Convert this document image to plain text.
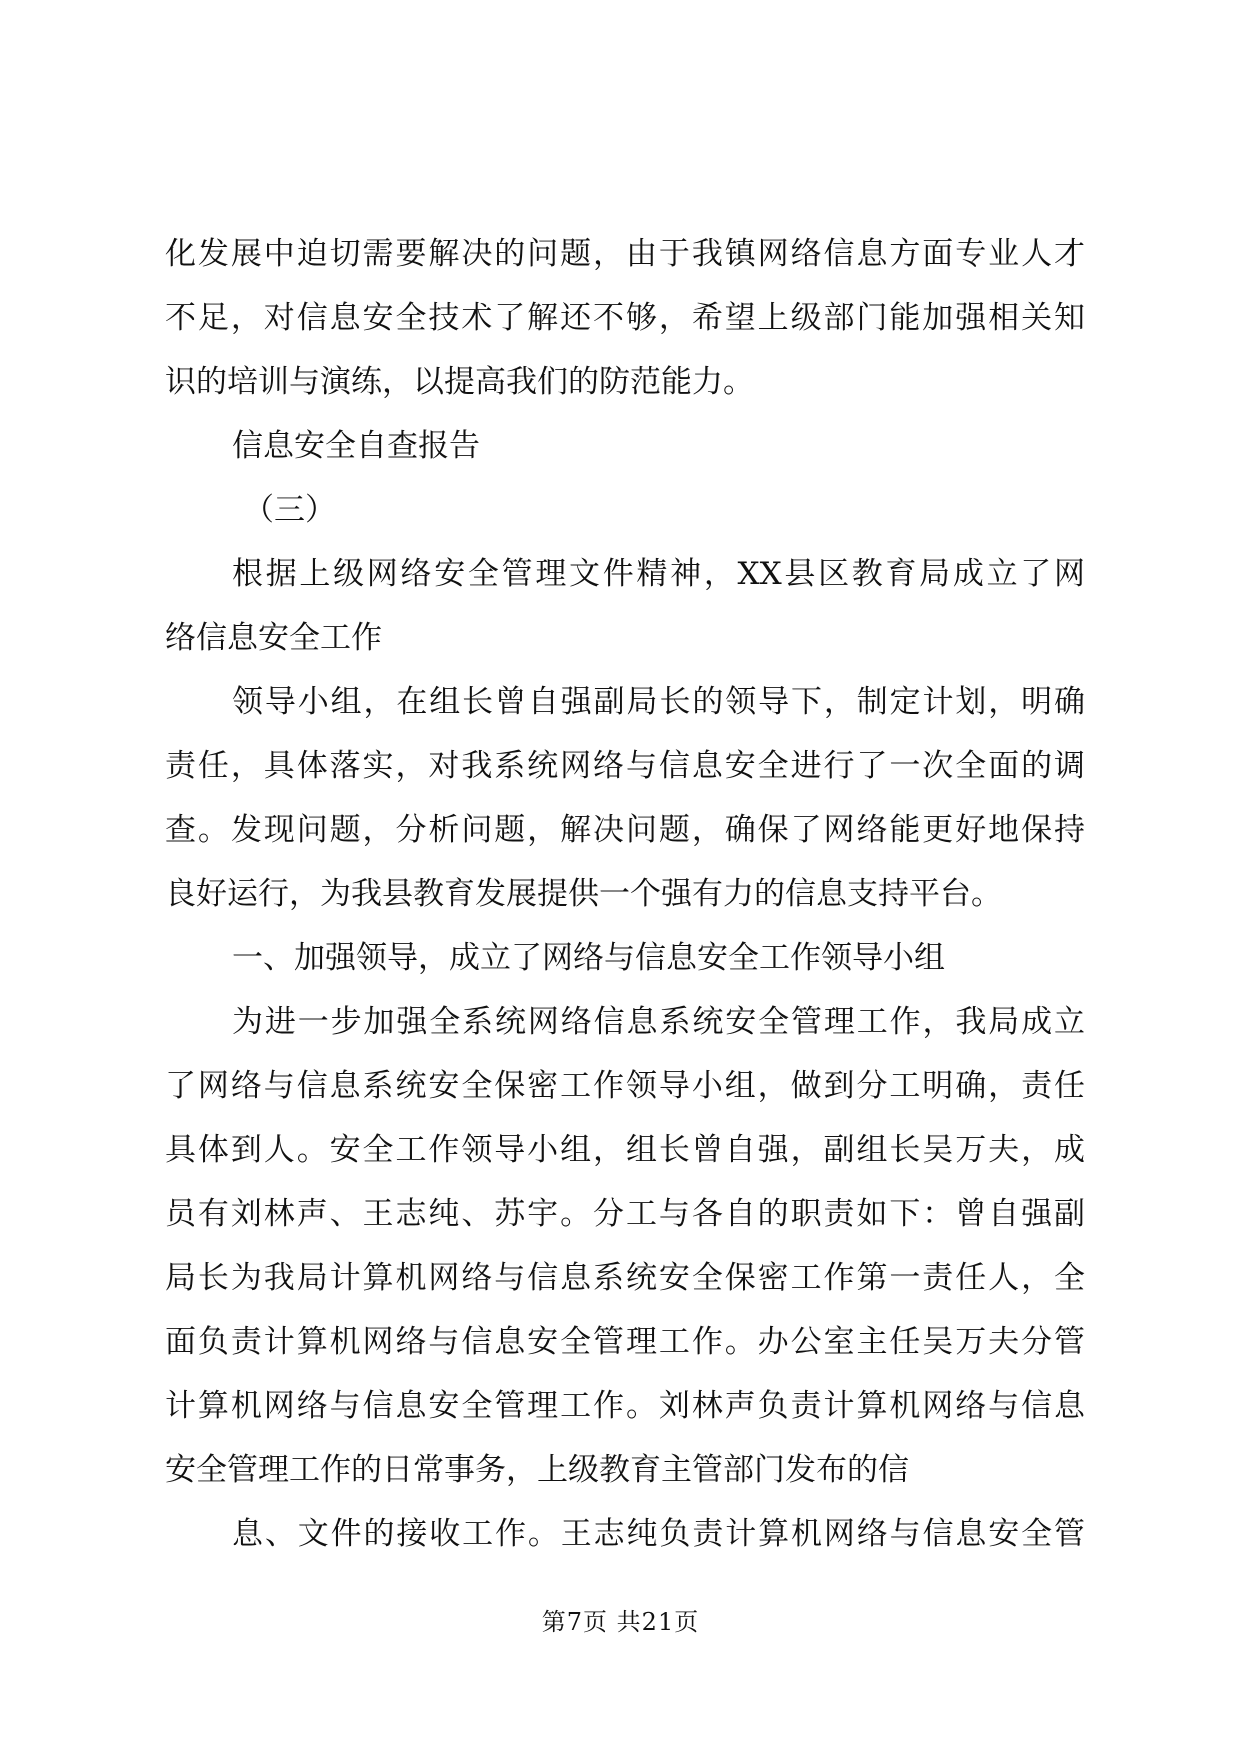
化发展中迫切需要解决的问题，由于我镇网络信息方面专业人才
不足，对信息安全技术了解还不够，希望上级部门能加强相关知
识的培训与演练，以提高我们的防范能力。
信息安全自查报告
（三）
根据上级网络安全管理文件精神，XX县区教育局成立了网
络信息安全工作
领导小组，在组长曾自强副局长的领导下，制定计划，明确
责任，具体落实，对我系统网络与信息安全进行了一次全面的调
查。发现问题，分析问题，解决问题，确保了网络能更好地保持
良好运行，为我县教育发展提供一个强有力的信息支持平台。
一、加强领导，成立了网络与信息安全工作领导小组
为进一步加强全系统网络信息系统安全管理工作，我局成立
了网络与信息系统安全保密工作领导小组，做到分工明确，责任
具体到人。安全工作领导小组，组长曾自强，副组长吴万夫，成
员有刘林声、王志纯、苏宇。分工与各自的职责如下：曾自强副
局长为我局计算机网络与信息系统安全保密工作第一责任人，全
面负责计算机网络与信息安全管理工作。办公室主任吴万夫分管
计算机网络与信息安全管理工作。刘林声负责计算机网络与信息
安全管理工作的日常事务，上级教育主管部门发布的信
息、文件的接收工作。王志纯负责计算机网络与信息安全管
第7页 共21页
